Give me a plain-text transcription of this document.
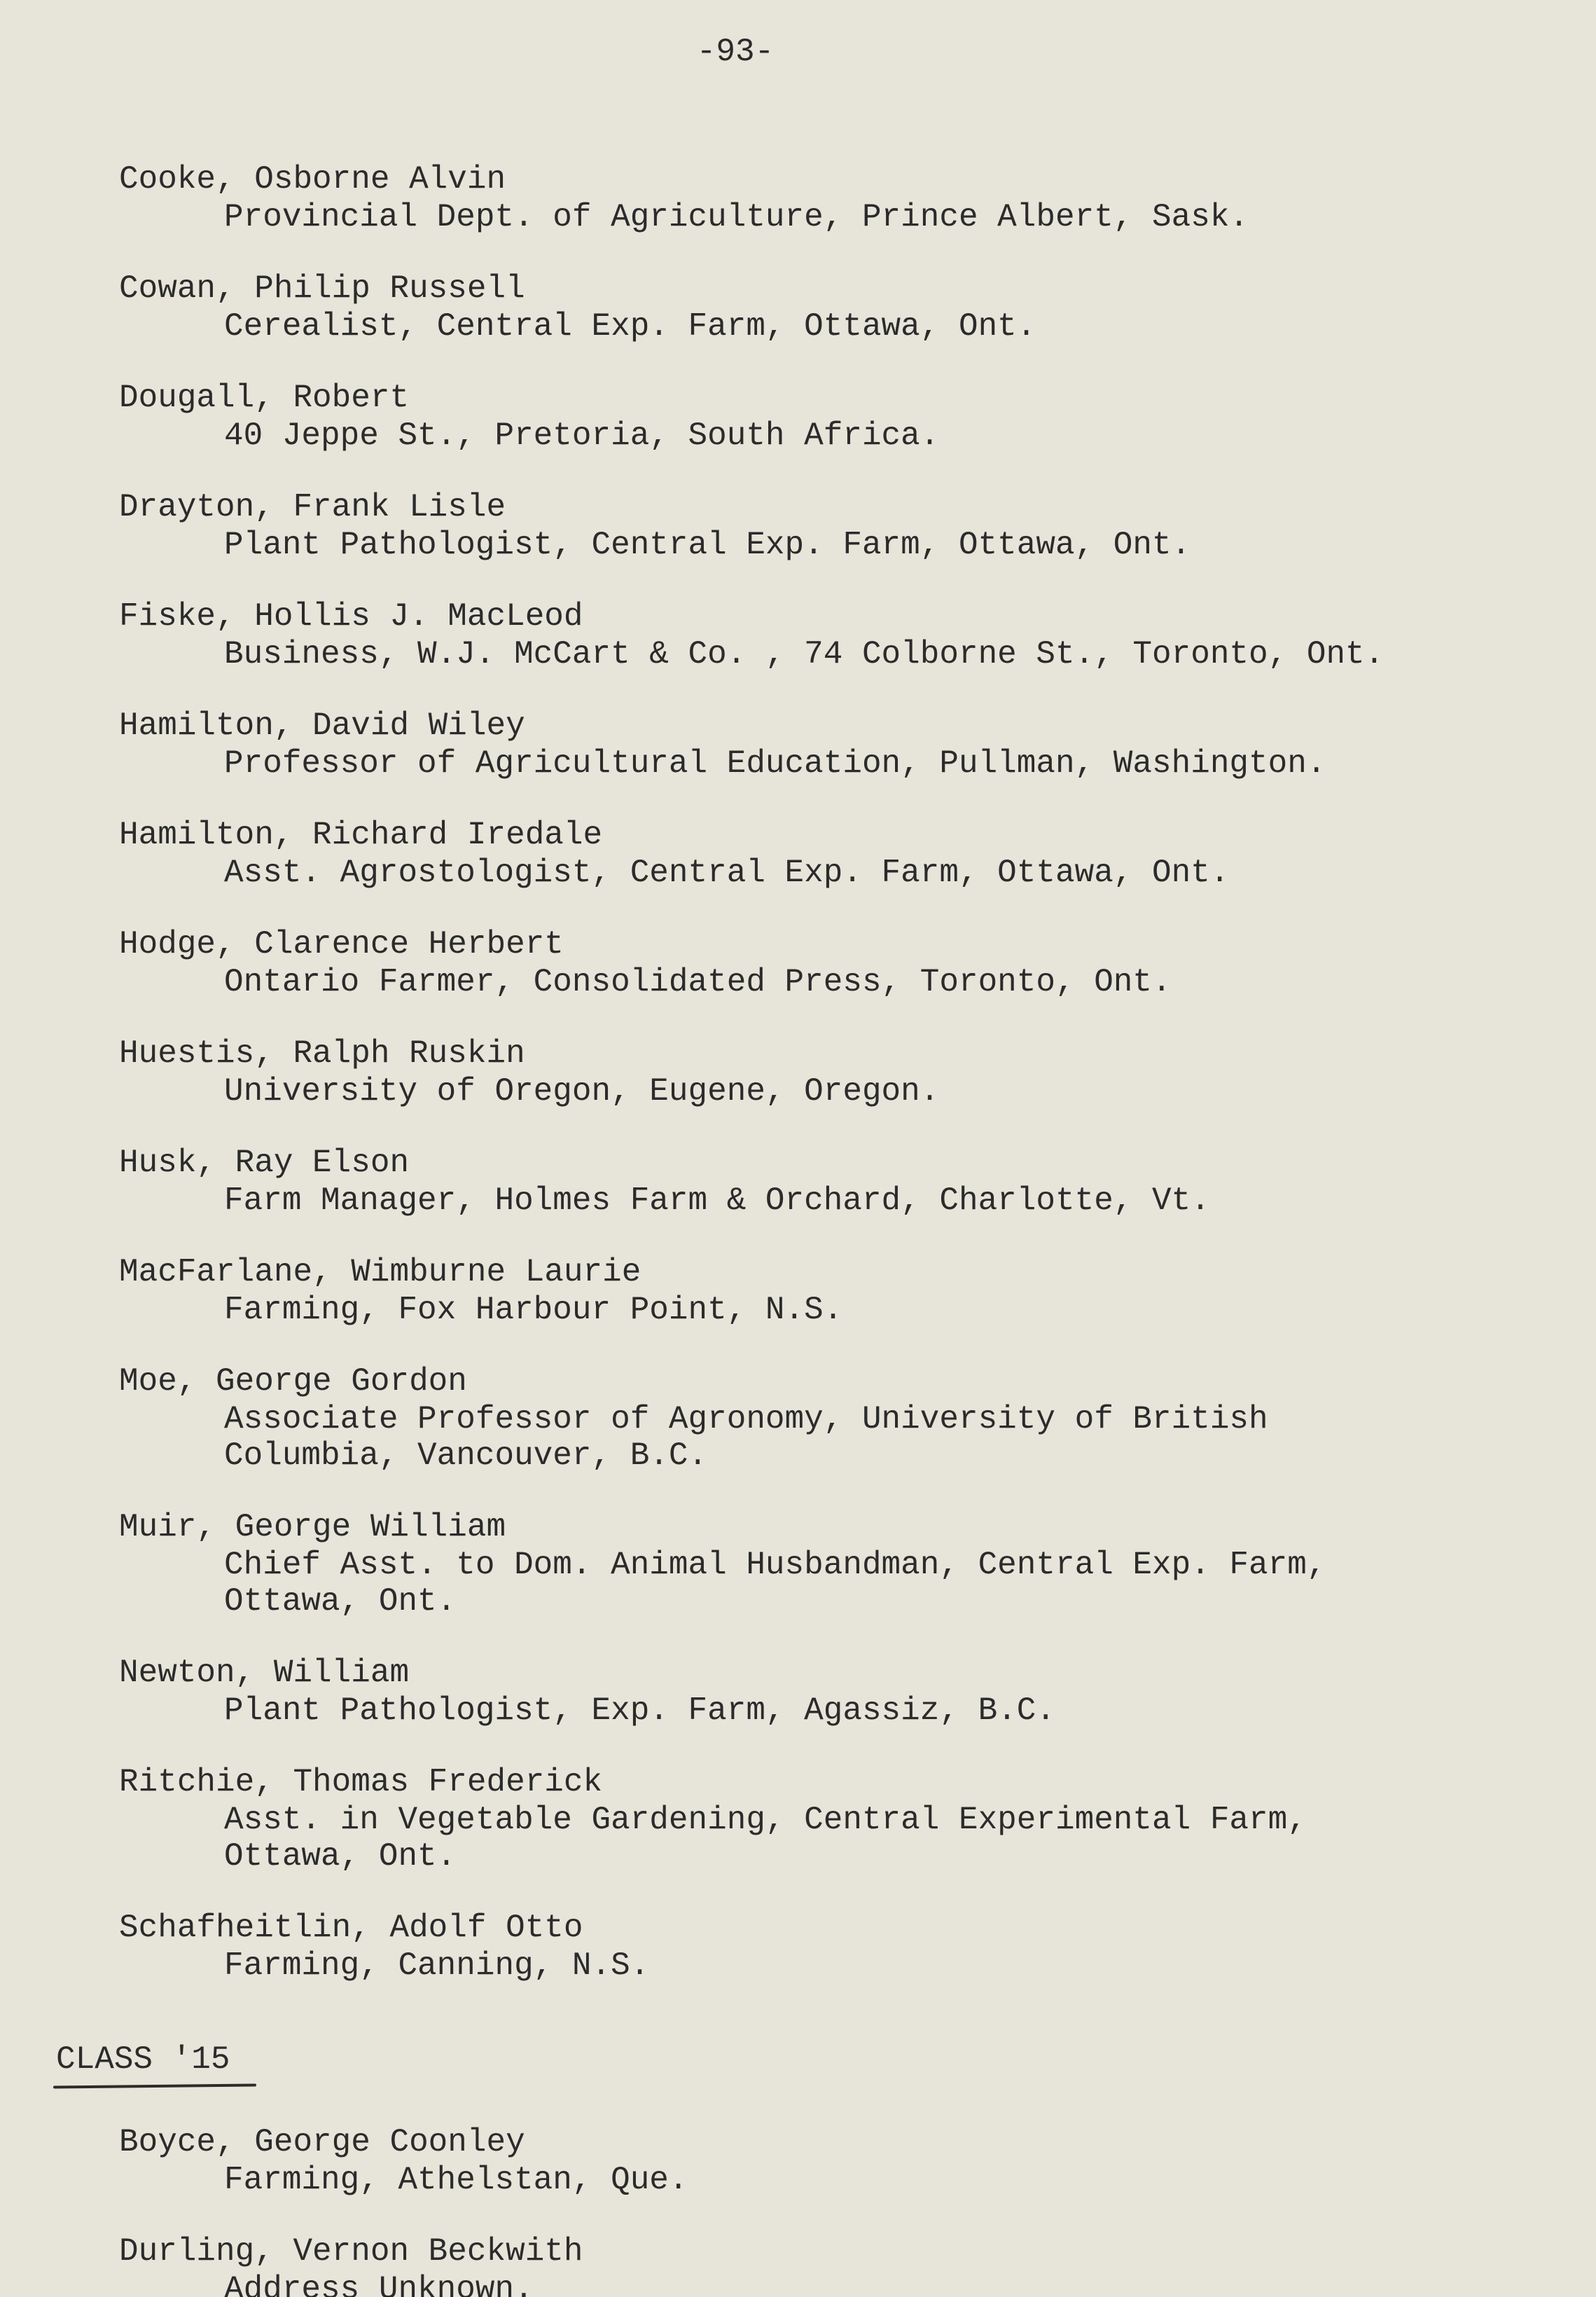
-93-
Cooke, Osborne Alvin
Provincial Dept. of Agriculture, Prince Albert, Sask.
Cowan, Philip Russell
Cerealist, Central Exp. Farm, Ottawa, Ont.
Dougall, Robert
40 Jeppe St., Pretoria, South Africa.
Drayton, Frank Lisle
Plant Pathologist, Central Exp. Farm, Ottawa, Ont.
Fiske, Hollis J. MacLeod
Business, W.J. McCart & Co. , 74 Colborne St., Toronto, Ont.
Hamilton, David Wiley
Professor of Agricultural Education, Pullman, Washington.
Hamilton, Richard Iredale
Asst. Agrostologist, Central Exp. Farm, Ottawa, Ont.
Hodge, Clarence Herbert
Ontario Farmer, Consolidated Press, Toronto, Ont.
Huestis, Ralph Ruskin
University of Oregon, Eugene, Oregon.
Husk, Ray Elson
Farm Manager, Holmes Farm & Orchard, Charlotte, Vt.
MacFarlane, Wimburne Laurie
Farming, Fox Harbour Point, N.S.
Moe, George Gordon
Associate Professor of Agronomy, University of British
Columbia, Vancouver, B.C.
Muir, George William
Chief Asst. to Dom. Animal Husbandman, Central Exp. Farm,
Ottawa, Ont.
Newton, William
Plant Pathologist, Exp. Farm, Agassiz, B.C.
Ritchie, Thomas Frederick
Asst. in Vegetable Gardening, Central Experimental Farm,
Ottawa, Ont.
Schafheitlin, Adolf Otto
Farming, Canning, N.S.
CLASS '15
Boyce, George Coonley
Farming, Athelstan, Que.
Durling, Vernon Beckwith
Address Unknown.
